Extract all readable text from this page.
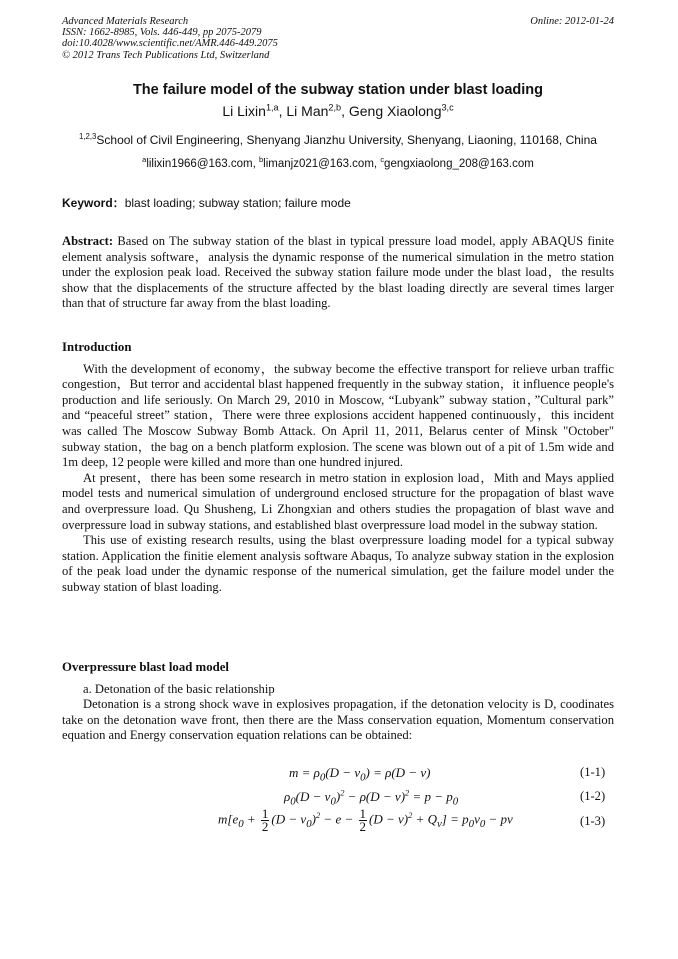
Advanced Materials Research
ISSN: 1662-8985, Vols. 446-449, pp 2075-2079
doi:10.4028/www.scientific.net/AMR.446-449.2075
© 2012 Trans Tech Publications Ltd, Switzerland
Online: 2012-01-24
The failure model of the subway station under blast loading
Li Lixin$^{1,a}$, Li Man$^{2,b}$, Geng Xiaolong$^{3,c}$
$^{1,2,3}$School of Civil Engineering, Shenyang Jianzhu University, Shenyang, Liaoning, 110168, China
$^a$lilixin1966@163.com, $^b$limanjz021@163.com, $^c$gengxiaolong_208@163.com
Keyword：blast loading; subway station; failure mode
Abstract: Based on The subway station of the blast in typical pressure load model, apply ABAQUS finite element analysis software，analysis the dynamic response of the numerical simulation in the metro station under the explosion peak load. Received the subway station failure mode under the blast load，the results show that the displacements of the structure affected by the blast loading directly are several times larger than that of structure far away from the blast loading.
Introduction

With the development of economy，the subway become the effective transport for relieve urban traffic congestion，But terror and accidental blast happened frequently in the subway station，it influence people's production and life seriously. On March 29, 2010 in Moscow, “Lubyank” subway station，”Cultural park” and “peaceful street” station，There were three explosions accident happened continuously，this incident was called The Moscow Subway Bomb Attack. On April 11, 2011, Belarus center of Minsk "October" subway station，the bag on a bench platform explosion. The scene was blown out of a pit of 1.5m wide and 1m deep, 12 people were killed and more than one hundred injured.

At present，there has been some research in metro station in explosion load，Mith and Mays applied model tests and numerical simulation of underground enclosed structure for the propagation of blast wave and overpressure load. Qu Shusheng, Li Zhongxian and others studies the propagation of blast wave and overpressure load in subway stations, and established blast overpressure load model in the subway station.

This use of existing research results, using the blast overpressure loading model for a typical subway station. Application the finitie element analysis software Abaqus, To analyze subway station in the explosion of the peak load under the dynamic response of the numerical simulation, get the failure model under the subway station of blast loading.

Overpressure blast load model
a. Detonation of the basic relationship

Detonation is a strong shock wave in explosives propagation, if the detonation velocity is D, coodinates take on the detonation wave front, then there are the Mass conservation equation, Momentum conservation equation and Energy conservation equation relations can be obtained:

$m = \rho_0(D - v_0) = \rho(D - v)$	(1-1)
$\rho_0(D - v_0)^2 - \rho(D - v)^2 = p - p_0$	(1-2)
$m[e_0 + \frac{1}{2} (D - v_0)^2 - e - \frac{1}{2} (D - v)^2 + Q_v] = p_0v_0$ − pv	(1-3)
